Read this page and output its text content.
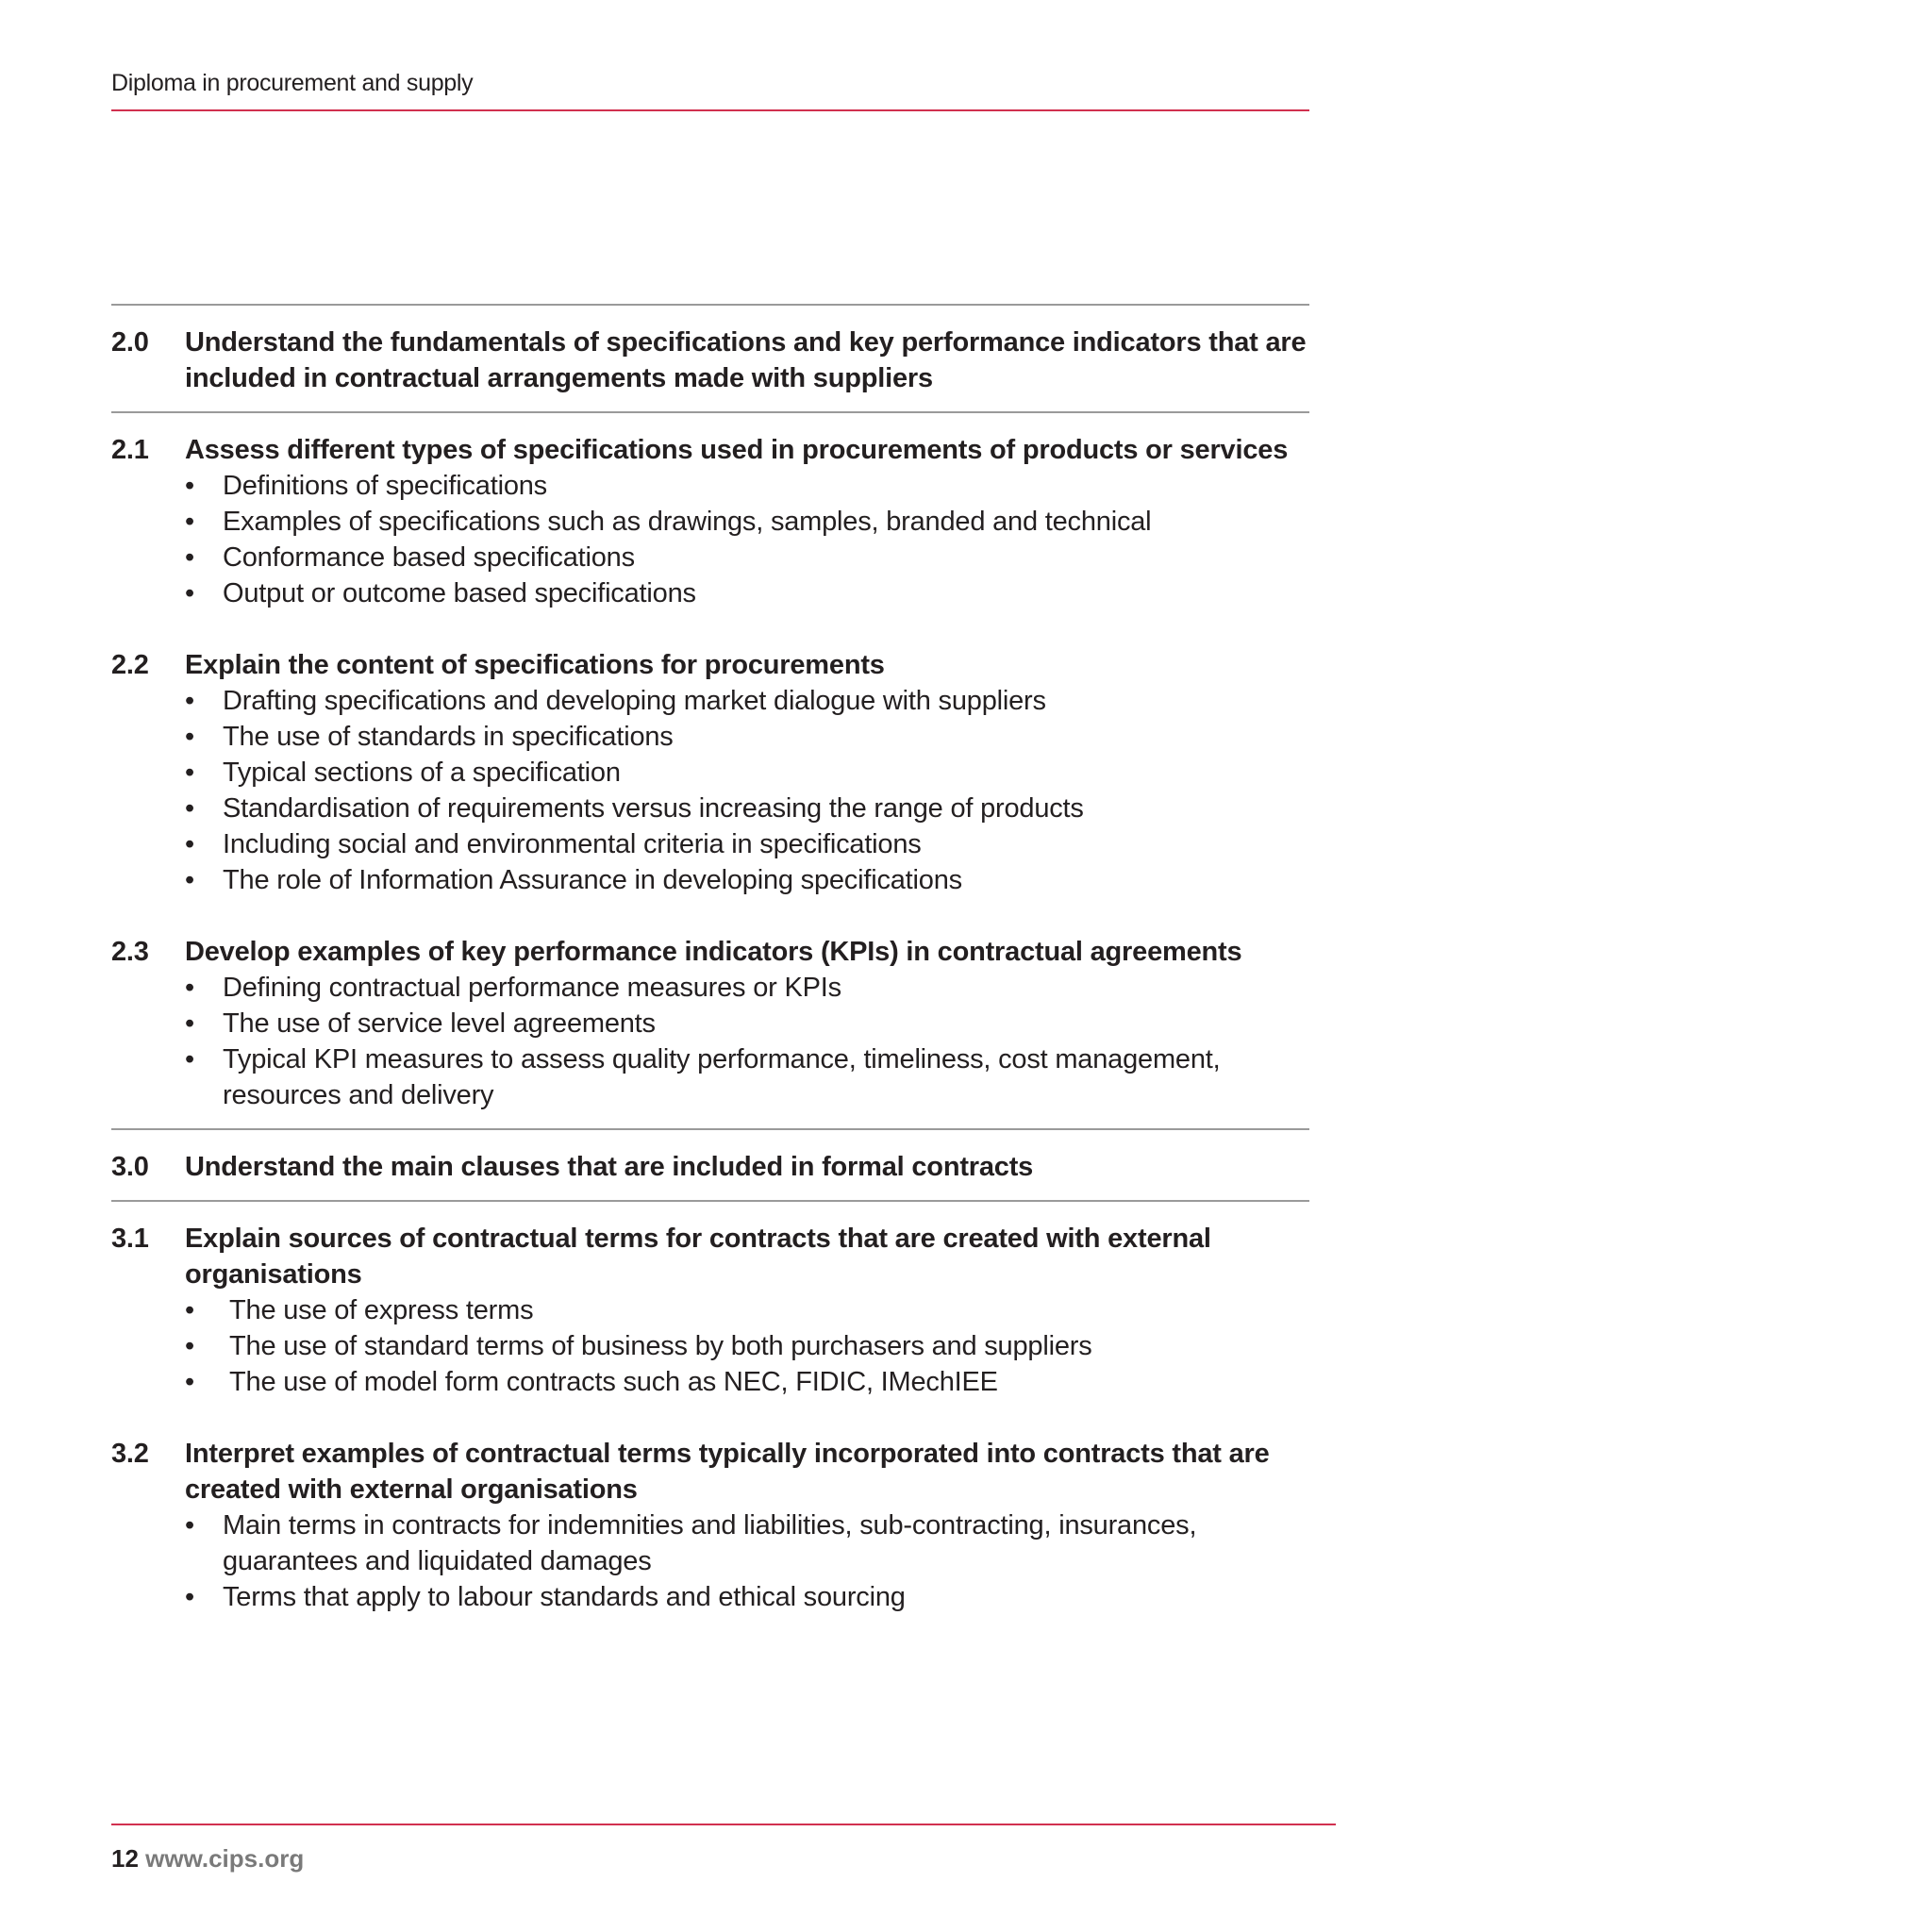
Diploma in procurement and supply
2.0 Understand the fundamentals of specifications and key performance indicators that are
included in contractual arrangements made with suppliers
2.1 Assess different types of specifications used in procurements of products or services
• Definitions of specifications
• Examples of specifications such as drawings, samples, branded and technical
• Conformance based specifications
• Output or outcome based specifications
2.2 Explain the content of specifications for procurements
• Drafting specifications and developing market dialogue with suppliers
• The use of standards in specifications
• Typical sections of a specification
• Standardisation of requirements versus increasing the range of products
• Including social and environmental criteria in specifications
• The role of Information Assurance in developing specifications
2.3 Develop examples of key performance indicators (KPIs) in contractual agreements
• Defining contractual performance measures or KPIs
• The use of service level agreements
• Typical KPI measures to assess quality performance, timeliness, cost management,
resources and delivery
3.0 Understand the main clauses that are included in formal contracts
3.1 Explain sources of contractual terms for contracts that are created with external
organisations
• The use of express terms
• The use of standard terms of business by both purchasers and suppliers
• The use of model form contracts such as NEC, FIDIC, IMechIEE
3.2 Interpret examples of contractual terms typically incorporated into contracts that are
created with external organisations
• Main terms in contracts for indemnities and liabilities, sub-contracting, insurances,
guarantees and liquidated damages
• Terms that apply to labour standards and ethical sourcing
12 www.cips.org
